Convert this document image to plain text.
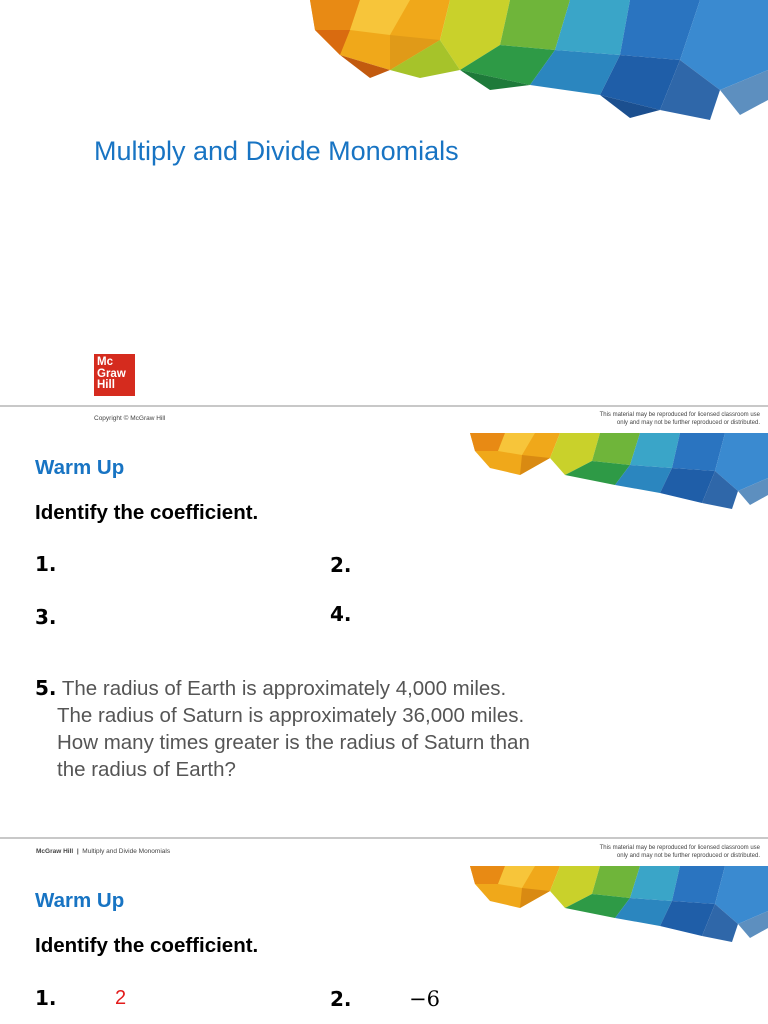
Multiply and Divide Monomials
Mc
Graw
Hill
Copyright © McGraw Hill	This material may be reproduced for licensed classroom use
only and may not be further reproduced or distributed.
Warm Up
Identify the coefficient.
1.	2.
3.	4.
5. The radius of Earth is approximately 4,000 miles.
The radius of Saturn is approximately 36,000 miles.
How many times greater is the radius of Saturn than
the radius of Earth?
McGraw Hill | Multiply and Divide Monomials	This material may be reproduced for licensed classroom use
only and may not be further reproduced or distributed.
Warm Up
Identify the coefficient.
1.	2	2.	−6
